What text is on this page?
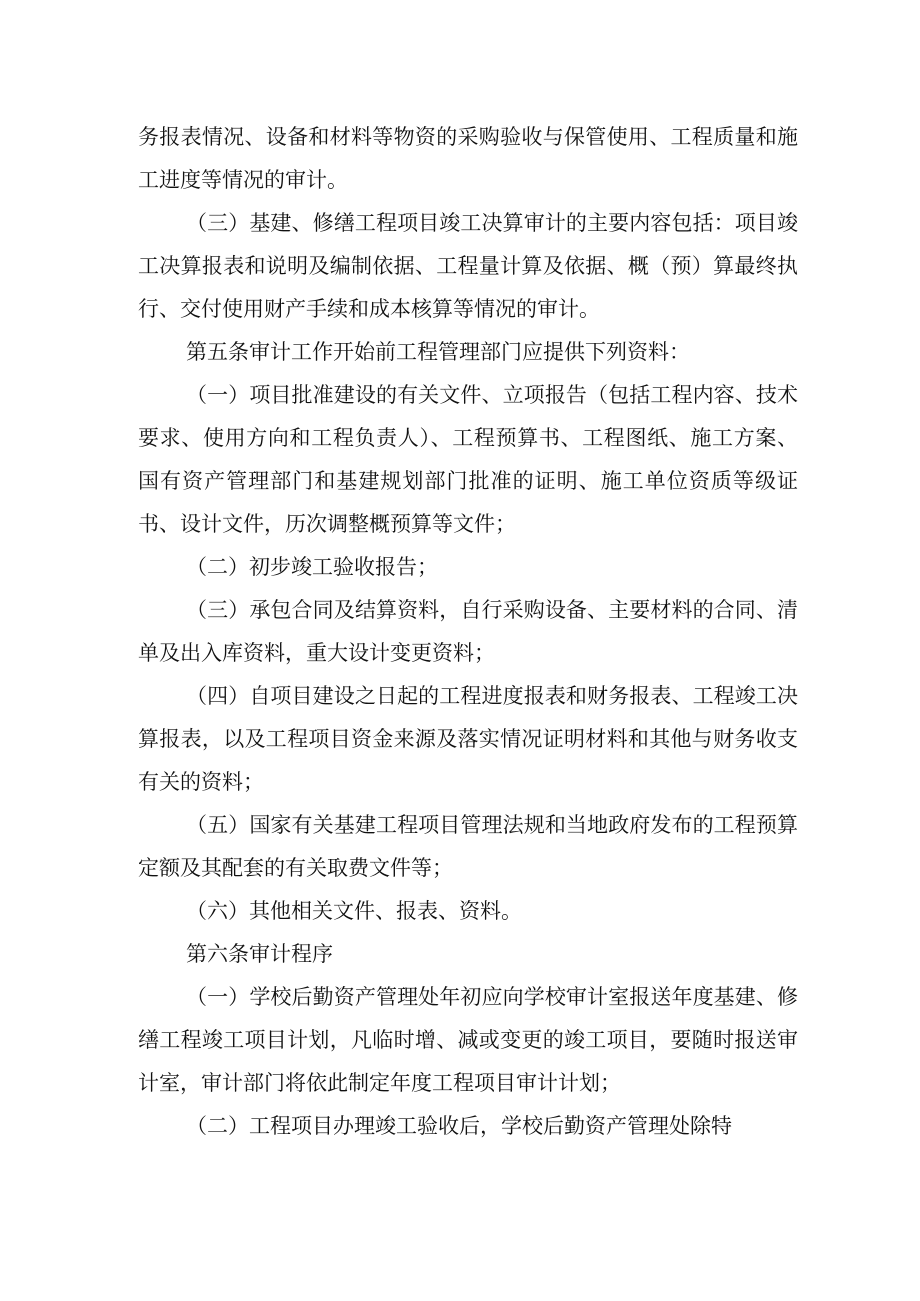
务报表情况、设备和材料等物资的采购验收与保管使用、工程质量和施工进度等情况的审计。

（三）基建、修缮工程项目竣工决算审计的主要内容包括：项目竣工决算报表和说明及编制依据、工程量计算及依据、概（预）算最终执行、交付使用财产手续和成本核算等情况的审计。

第五条审计工作开始前工程管理部门应提供下列资料：

（一）项目批准建设的有关文件、立项报告（包括工程内容、技术要求、使用方向和工程负责人）、工程预算书、工程图纸、施工方案、国有资产管理部门和基建规划部门批准的证明、施工单位资质等级证书、设计文件，历次调整概预算等文件；

（二）初步竣工验收报告；

（三）承包合同及结算资料，自行采购设备、主要材料的合同、清单及出入库资料，重大设计变更资料；

（四）自项目建设之日起的工程进度报表和财务报表、工程竣工决算报表，以及工程项目资金来源及落实情况证明材料和其他与财务收支有关的资料；

（五）国家有关基建工程项目管理法规和当地政府发布的工程预算定额及其配套的有关取费文件等；

（六）其他相关文件、报表、资料。

第六条审计程序

（一）学校后勤资产管理处年初应向学校审计室报送年度基建、修缮工程竣工项目计划，凡临时增、减或变更的竣工项目，要随时报送审计室，审计部门将依此制定年度工程项目审计计划；

（二）工程项目办理竣工验收后，学校后勤资产管理处除特
